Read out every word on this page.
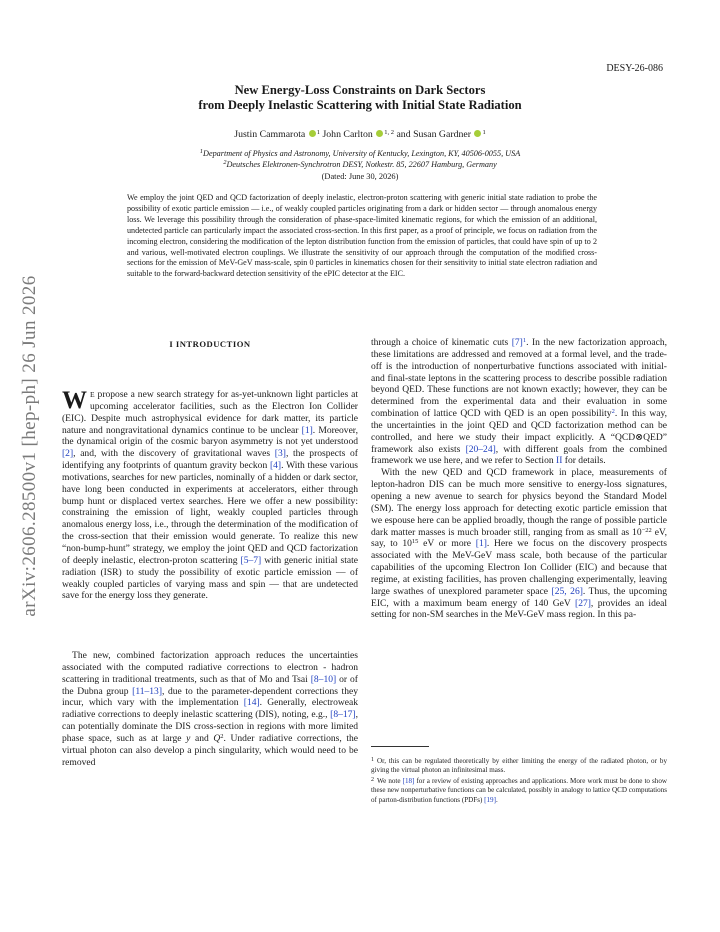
DESY-26-086
arXiv:2606.28500v1 [hep-ph] 26 Jun 2026
New Energy-Loss Constraints on Dark Sectors
from Deeply Inelastic Scattering with Initial State Radiation
Justin Cammarota $^1$ John Carlton $^{1, 2}$ and Susan Gardner $^1$
$^1$Department of Physics and Astronomy, University of Kentucky, Lexington, KY, 40506-0055, USA
$^2$Deutsches Elektronen-Synchrotron DESY, Notkestr. 85, 22607 Hamburg, Germany
(Dated: June 30, 2026)
We employ the joint QED and QCD factorization of deeply inelastic, electron-proton scattering with generic initial state radiation to probe the possibility of exotic particle emission — i.e., of weakly coupled particles originating from a dark or hidden sector — through anomalous energy loss. We leverage this possibility through the consideration of phase-space-limited kinematic regions, for which the emission of an additional, undetected particle can particularly impact the associated cross-section. In this first paper, as a proof of principle, we focus on radiation from the incoming electron, considering the modification of the lepton distribution function from the emission of particles, that could have spin of up to 2 and various, well-motivated electron couplings. We illustrate the sensitivity of our approach through the computation of the modified cross-sections for the emission of MeV-GeV mass-scale, spin 0 particles in kinematics chosen for their sensitivity to initial state electron radiation and suitable to the forward-backward detection sensitivity of the ePIC detector at the EIC.
I INTRODUCTION

W E propose a new search strategy for as-yet-unknown light particles at upcoming accelerator facilities, such as the Electron Ion Collider (EIC). Despite much astrophysical evidence for dark matter, its particle nature and nongravitational dynamics continue to be unclear [1]. Moreover, the dynamical origin of the cosmic baryon asymmetry is not yet understood [2], and, with the discovery of gravitational waves [3], the prospects of identifying any footprints of quantum gravity beckon [4]. With these various motivations, searches for new particles, nominally of a hidden or dark sector, have long been conducted in experiments at accelerators, either through bump hunt or displaced vertex searches. Here we offer a new possibility: constraining the emission of light, weakly coupled particles through anomalous energy loss, i.e., through the determination of the modification of the cross-section that their emission would generate. To realize this new “non-bump-hunt” strategy, we employ the joint QED and QCD factorization of deeply inelastic, electron-proton scattering [5–7] with generic initial state radiation (ISR) to study the possibility of exotic particle emission — of weakly coupled particles of varying mass and spin — that are undetected save for the energy loss they generate.

The new, combined factorization approach reduces the uncertainties associated with the computed radiative corrections to electron - hadron scattering in traditional treatments, such as that of Mo and Tsai [8–10] or of the Dubna group [11–13], due to the parameter-dependent corrections they incur, which vary with the implementation [14]. Generally, electroweak radiative corrections to deeply inelastic scattering (DIS), noting, e.g., [8–17], can potentially dominate the DIS cross-section in regions with more limited phase space, such as at large y and $Q^2$. Under radiative corrections, the virtual photon can also develop a pinch singularity, which would need to be removed

through a choice of kinematic cuts [7]$^1$. In the new factorization approach, these limitations are addressed and removed at a formal level, and the trade-off is the introduction of nonperturbative functions associated with initial- and final-state leptons in the scattering process to describe possible radiation beyond QED. These functions are not known exactly; however, they can be determined from the experimental data and their evaluation in some combination of lattice QCD with QED is an open possibility$^2$. In this way, the uncertainties in the joint QED and QCD factorization method can be controlled, and here we study their impact explicitly. A “QCD⊗QED” framework also exists [20–24], with different goals from the combined framework we use here, and we refer to Section II for details.

With the new QED and QCD framework in place, measurements of lepton-hadron DIS can be much more sensitive to energy-loss signatures, opening a new avenue to search for physics beyond the Standard Model (SM). The energy loss approach for detecting exotic particle emission that we espouse here can be applied broadly, though the range of possible particle dark matter masses is much broader still, ranging from as small as $10^{-22}$ eV, say, to $10^{15}$ eV or more [1]. Here we focus on the discovery prospects associated with the MeV-GeV mass scale, both because of the particular capabilities of the upcoming Electron Ion Collider (EIC) and because that regime, at existing facilities, has proven challenging experimentally, leaving large swathes of unexplored parameter space [25, 26]. Thus, the upcoming EIC, with a maximum beam energy of 140 GeV [27], provides an ideal setting for non-SM searches in the MeV-GeV mass region. In this pa-

$^1$ Or, this can be regulated theoretically by either limiting the energy of the radiated photon, or by giving the virtual photon an infinitesimal mass.
$^2$ We note [18] for a review of existing approaches and applications. More work must be done to show these new nonperturbative functions can be calculated, possibly in analogy to lattice QCD computations of parton-distribution functions (PDFs) [19].
